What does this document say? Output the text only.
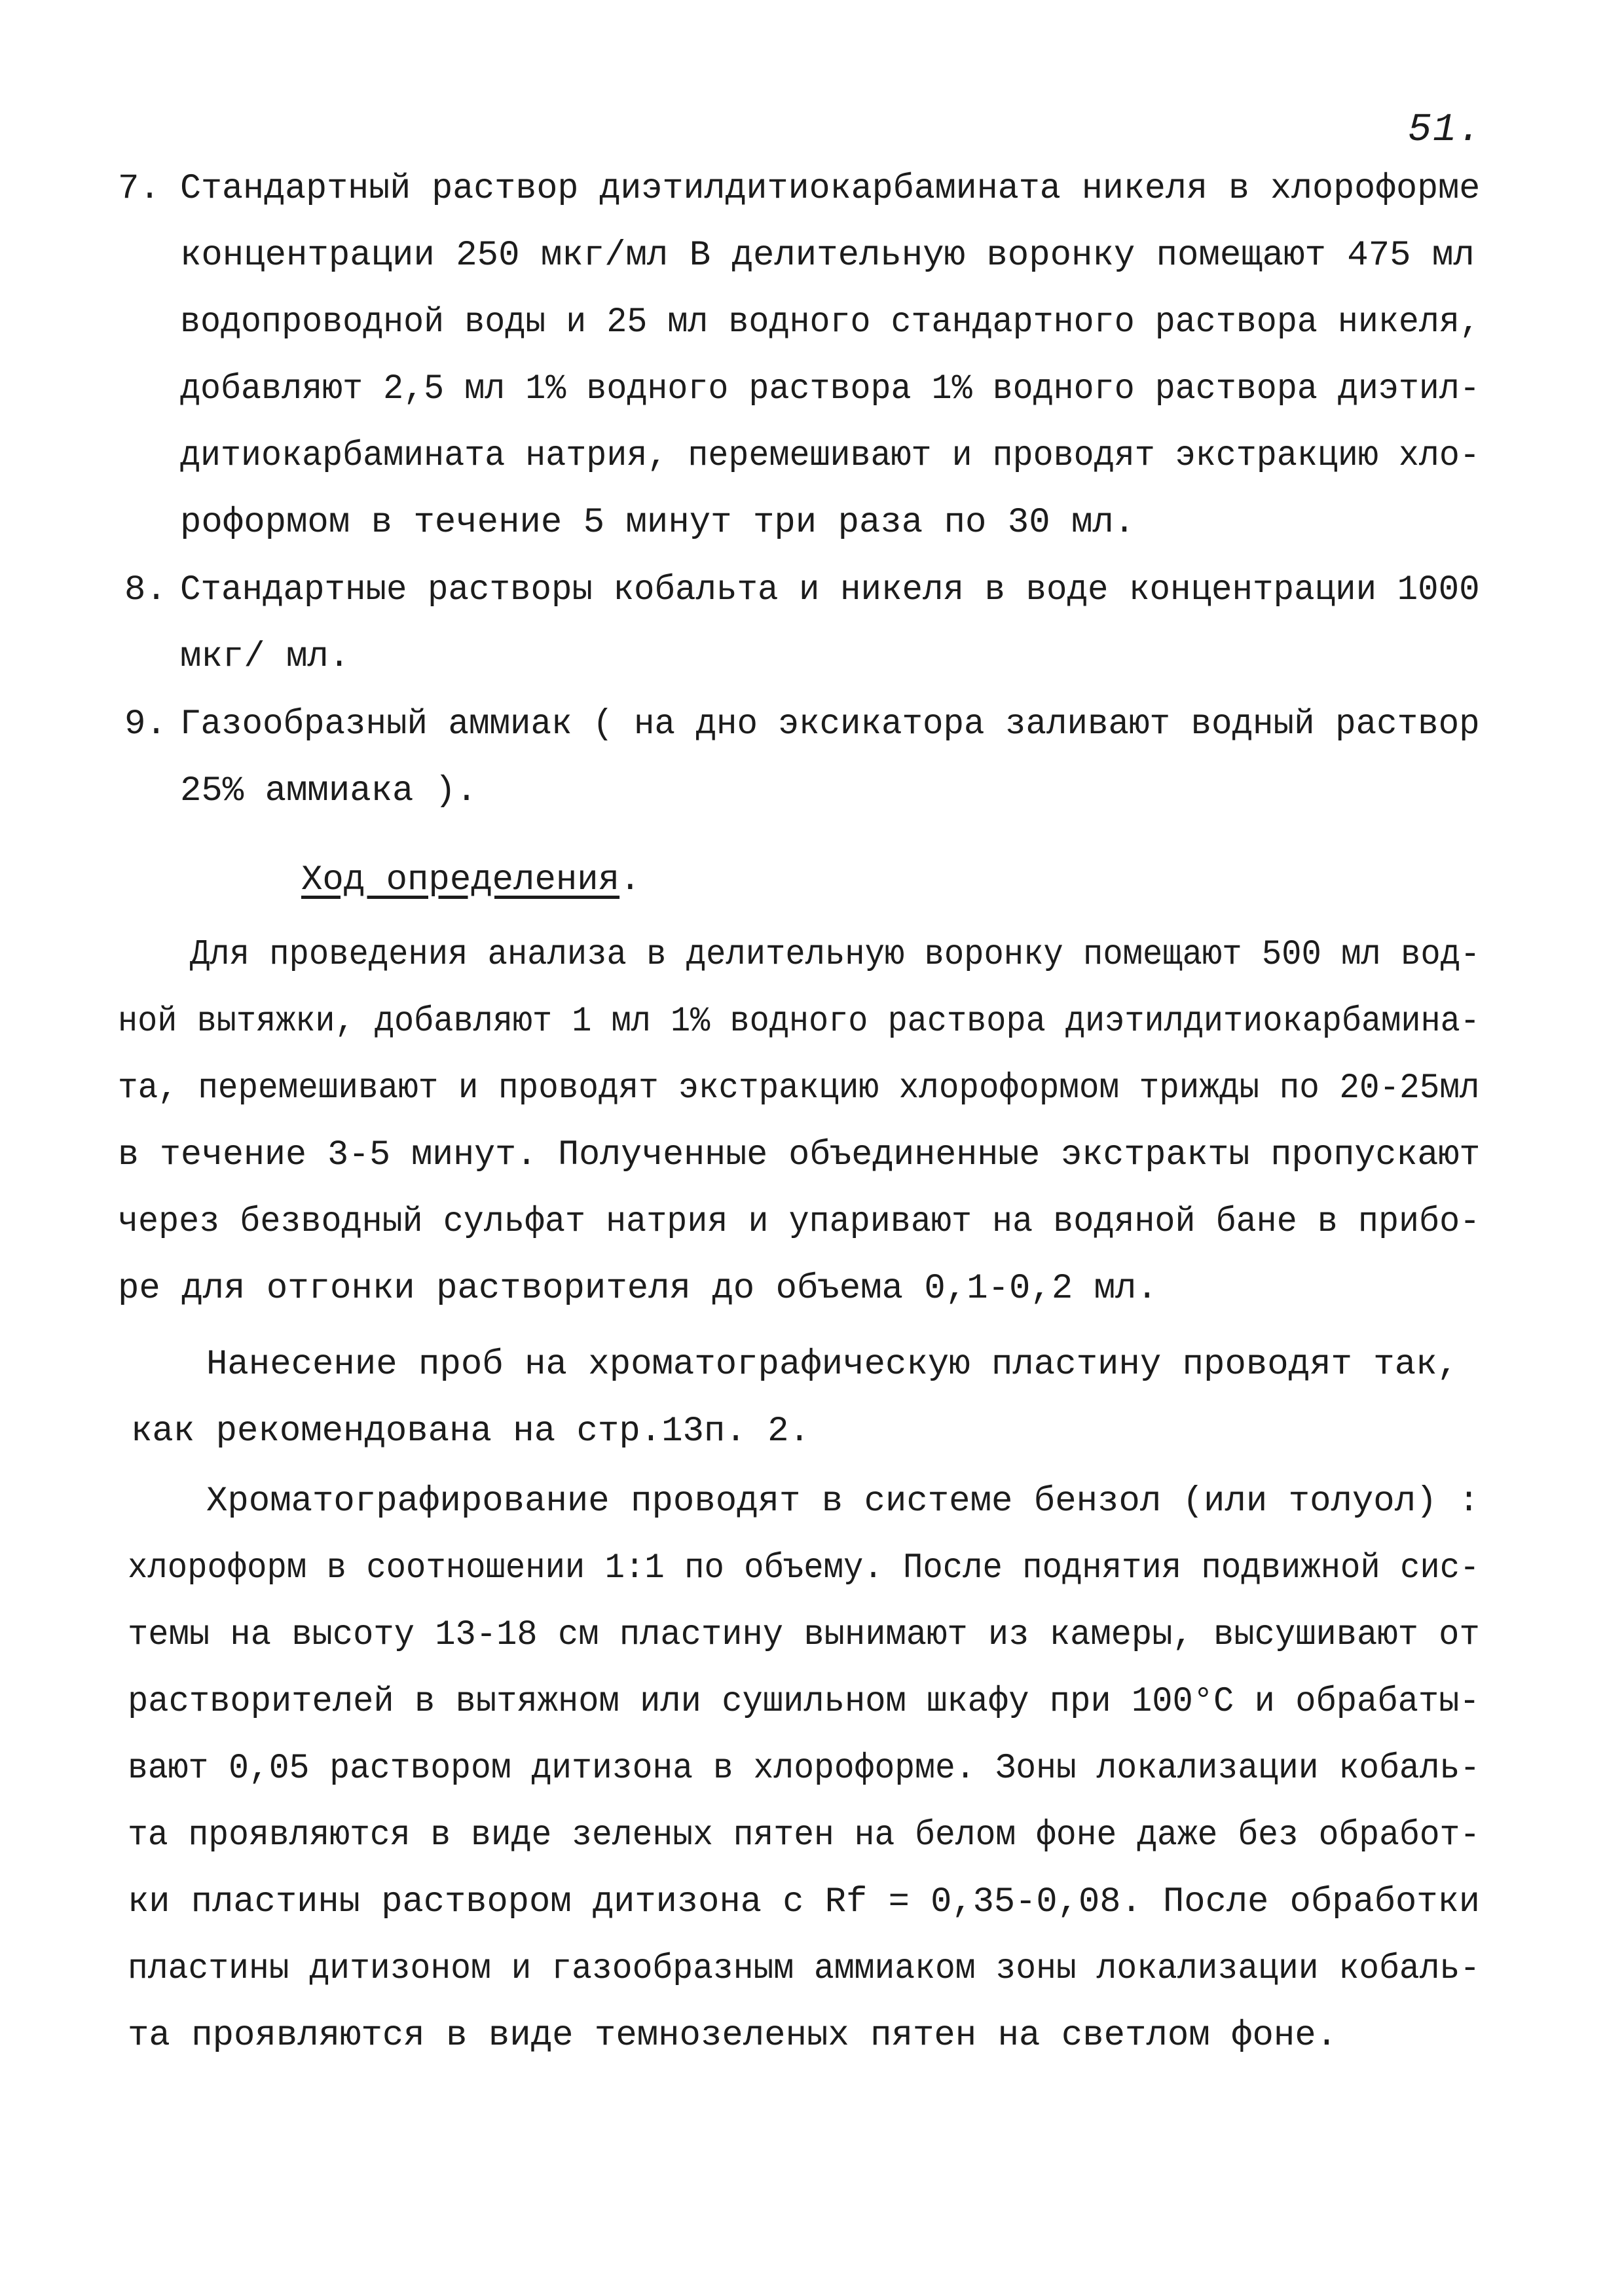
51.
7. Стандартный раствор диэтилдитиокарбамината никеля в хлороформе
концентрации 250 мкг/мл В делительную воронку помещают 475 мл
водопроводной воды и 25 мл водного стандартного раствора никеля,
добавляют 2,5 мл 1% водного раствора 1% водного раствора диэтил-
дитиокарбамината натрия, перемешивают и проводят экстракцию хло-
роформом в течение 5 минут три раза по 30 мл.
8. Стандартные растворы кобальта и никеля в воде концентрации 1000
мкг/ мл.
9. Газообразный аммиак ( на дно эксикатора заливают водный раствор
25% аммиака ).
Ход определения.
Для проведения анализа в делительную воронку помещают 500 мл вод-
ной вытяжки, добавляют 1 мл 1% водного раствора диэтилдитиокарбамина-
та, перемешивают и проводят экстракцию хлороформом трижды по 20-25мл
в течение 3-5 минут. Полученные объединенные экстракты пропускают
через безводный сульфат натрия и упаривают на водяной бане в прибо-
ре для отгонки растворителя до объема 0,1-0,2 мл.
Нанесение проб на хроматографическую пластину проводят так,
как рекомендована на стр.13п. 2.
Хроматографирование проводят в системе бензол (или толуол) :
хлороформ в соотношении 1:1 по объему. После поднятия подвижной сис-
темы на высоту 13-18 см пластину вынимают из камеры, высушивают от
растворителей в вытяжном или сушильном шкафу при 100°С и обрабаты-
вают 0,05 раствором дитизона в хлороформе. Зоны локализации кобаль-
та проявляются в виде зеленых пятен на белом фоне даже без обработ-
ки пластины раствором дитизона с Rf = 0,35-0,08. После обработки
пластины дитизоном и газообразным аммиаком зоны локализации кобаль-
та проявляются в виде темнозеленых пятен на светлом фоне.
